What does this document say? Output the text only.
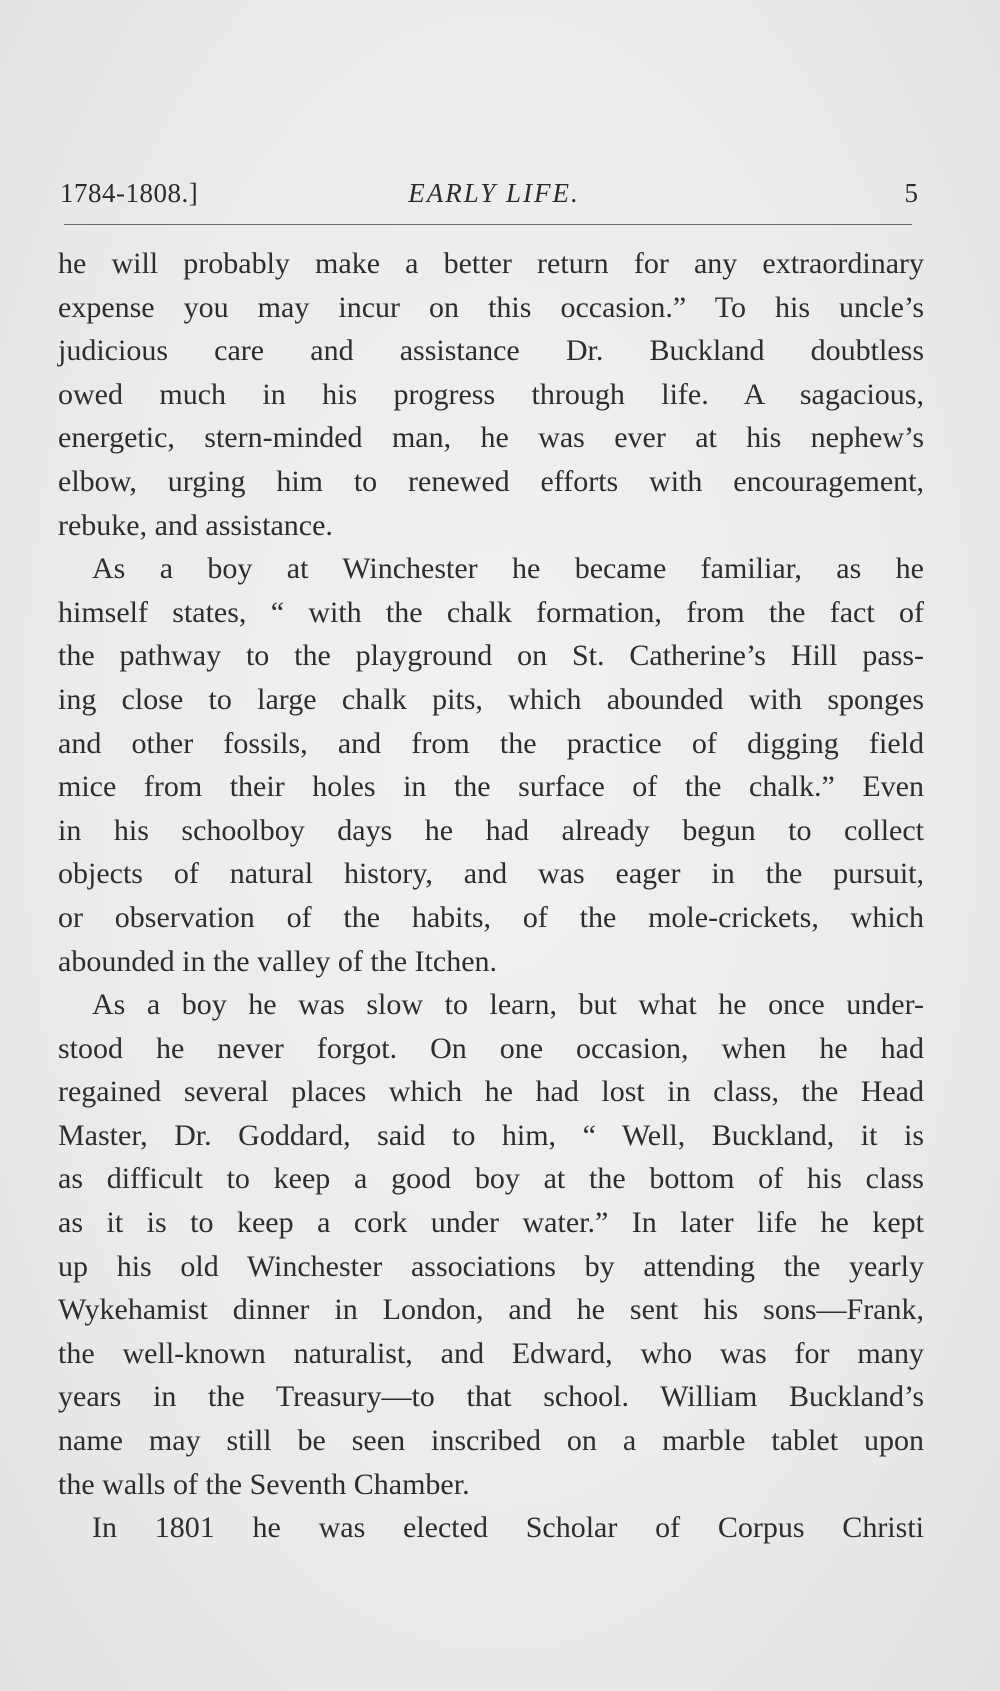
1784-1808.]	EARLY LIFE.	5
he will probably make a better return for any extraordinary
expense you may incur on this occasion.” To his uncle’s
judicious care and assistance Dr. Buckland doubtless
owed much in his progress through life. A sagacious,
energetic, stern-minded man, he was ever at his nephew’s
elbow, urging him to renewed efforts with encouragement,
rebuke, and assistance.
As a boy at Winchester he became familiar, as he
himself states, “ with the chalk formation, from the fact of
the pathway to the playground on St. Catherine’s Hill pass-
ing close to large chalk pits, which abounded with sponges
and other fossils, and from the practice of digging field
mice from their holes in the surface of the chalk.” Even
in his schoolboy days he had already begun to collect
objects of natural history, and was eager in the pursuit,
or observation of the habits, of the mole-crickets, which
abounded in the valley of the Itchen.
As a boy he was slow to learn, but what he once under-
stood he never forgot. On one occasion, when he had
regained several places which he had lost in class, the Head
Master, Dr. Goddard, said to him, “ Well, Buckland, it is
as difficult to keep a good boy at the bottom of his class
as it is to keep a cork under water.” In later life he kept
up his old Winchester associations by attending the yearly
Wykehamist dinner in London, and he sent his sons—Frank,
the well-known naturalist, and Edward, who was for many
years in the Treasury—to that school. William Buckland’s
name may still be seen inscribed on a marble tablet upon
the walls of the Seventh Chamber.
In 1801 he was elected Scholar of Corpus Christi
